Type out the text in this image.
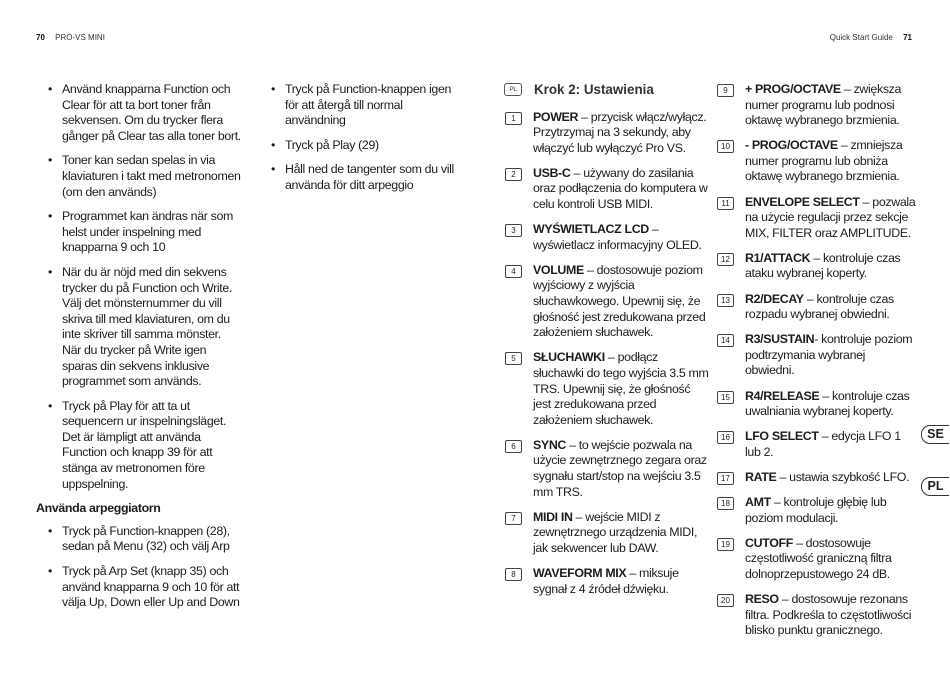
70 PRO-VS MINI	Quick Start Guide 71
• Använd knapparna Function och Clear för att ta bort toner från sekvensen. Om du trycker flera gånger på Clear tas alla toner bort.
• Toner kan sedan spelas in via klaviaturen i takt med metronomen (om den används)
• Programmet kan ändras när som helst under inspelning med knapparna 9 och 10
• När du är nöjd med din sekvens trycker du på Function och Write. Välj det mönsternummer du vill skriva till med klaviaturen, om du inte skriver till samma mönster. När du trycker på Write igen sparas din sekvens inklusive programmet som används.
• Tryck på Play för att ta ut sequencern ur inspelningsläget. Det är lämpligt att använda Function och knapp 39 för att stänga av metronomen före uppspelning.
Använda arpeggiatorn
• Tryck på Function-knappen (28), sedan på Menu (32) och välj Arp
• Tryck på Arp Set (knapp 35) och använd knapparna 9 och 10 för att välja Up, Down eller Up and Down
• Tryck på Function-knappen igen för att återgå till normal användning
• Tryck på Play (29)
• Håll ned de tangenter som du vill använda för ditt arpeggio
PL	Krok 2: Ustawienia
1	POWER – przycisk włącz/wyłącz. Przytrzymaj na 3 sekundy, aby włączyć lub wyłączyć Pro VS.
2	USB-C – używany do zasilania oraz podłączenia do komputera w celu kontroli USB MIDI.
3	WYŚWIETLACZ LCD – wyświetlacz informacyjny OLED.
4	VOLUME – dostosowuje poziom wyjściowy z wyjścia słuchawkowego. Upewnij się, że głośność jest zredukowana przed założeniem słuchawek.
5	SŁUCHAWKI – podłącz słuchawki do tego wyjścia 3.5 mm TRS. Upewnij się, że głośność jest zredukowana przed założeniem słuchawek.
6	SYNC – to wejście pozwala na użycie zewnętrznego zegara oraz sygnału start/stop na wejściu 3.5 mm TRS.
7	MIDI IN – wejście MIDI z zewnętrznego urządzenia MIDI, jak sekwencer lub DAW.
8	WAVEFORM MIX – miksuje sygnał z 4 źródeł dźwięku.
9	+ PROG/OCTAVE – zwiększa numer programu lub podnosi oktawę wybranego brzmienia.
10	- PROG/OCTAVE – zmniejsza numer programu lub obniża oktawę wybranego brzmienia.
11	ENVELOPE SELECT – pozwala na użycie regulacji przez sekcje MIX, FILTER oraz AMPLITUDE.
12	R1/ATTACK – kontroluje czas ataku wybranej koperty.
13	R2/DECAY – kontroluje czas rozpadu wybranej obwiedni.
14	R3/SUSTAIN- kontroluje poziom podtrzymania wybranej obwiedni.
15	R4/RELEASE – kontroluje czas uwalniania wybranej koperty.
16	LFO SELECT – edycja LFO 1 lub 2.
17	RATE – ustawia szybkość LFO.
18	AMT – kontroluje głębię lub poziom modulacji.
19	CUTOFF – dostosowuje częstotliwość graniczną filtra dolnoprzepustowego 24 dB.
20	RESO – dostosowuje rezonans filtra. Podkreśla to częstotliwości blisko punktu granicznego.
SE
PL
